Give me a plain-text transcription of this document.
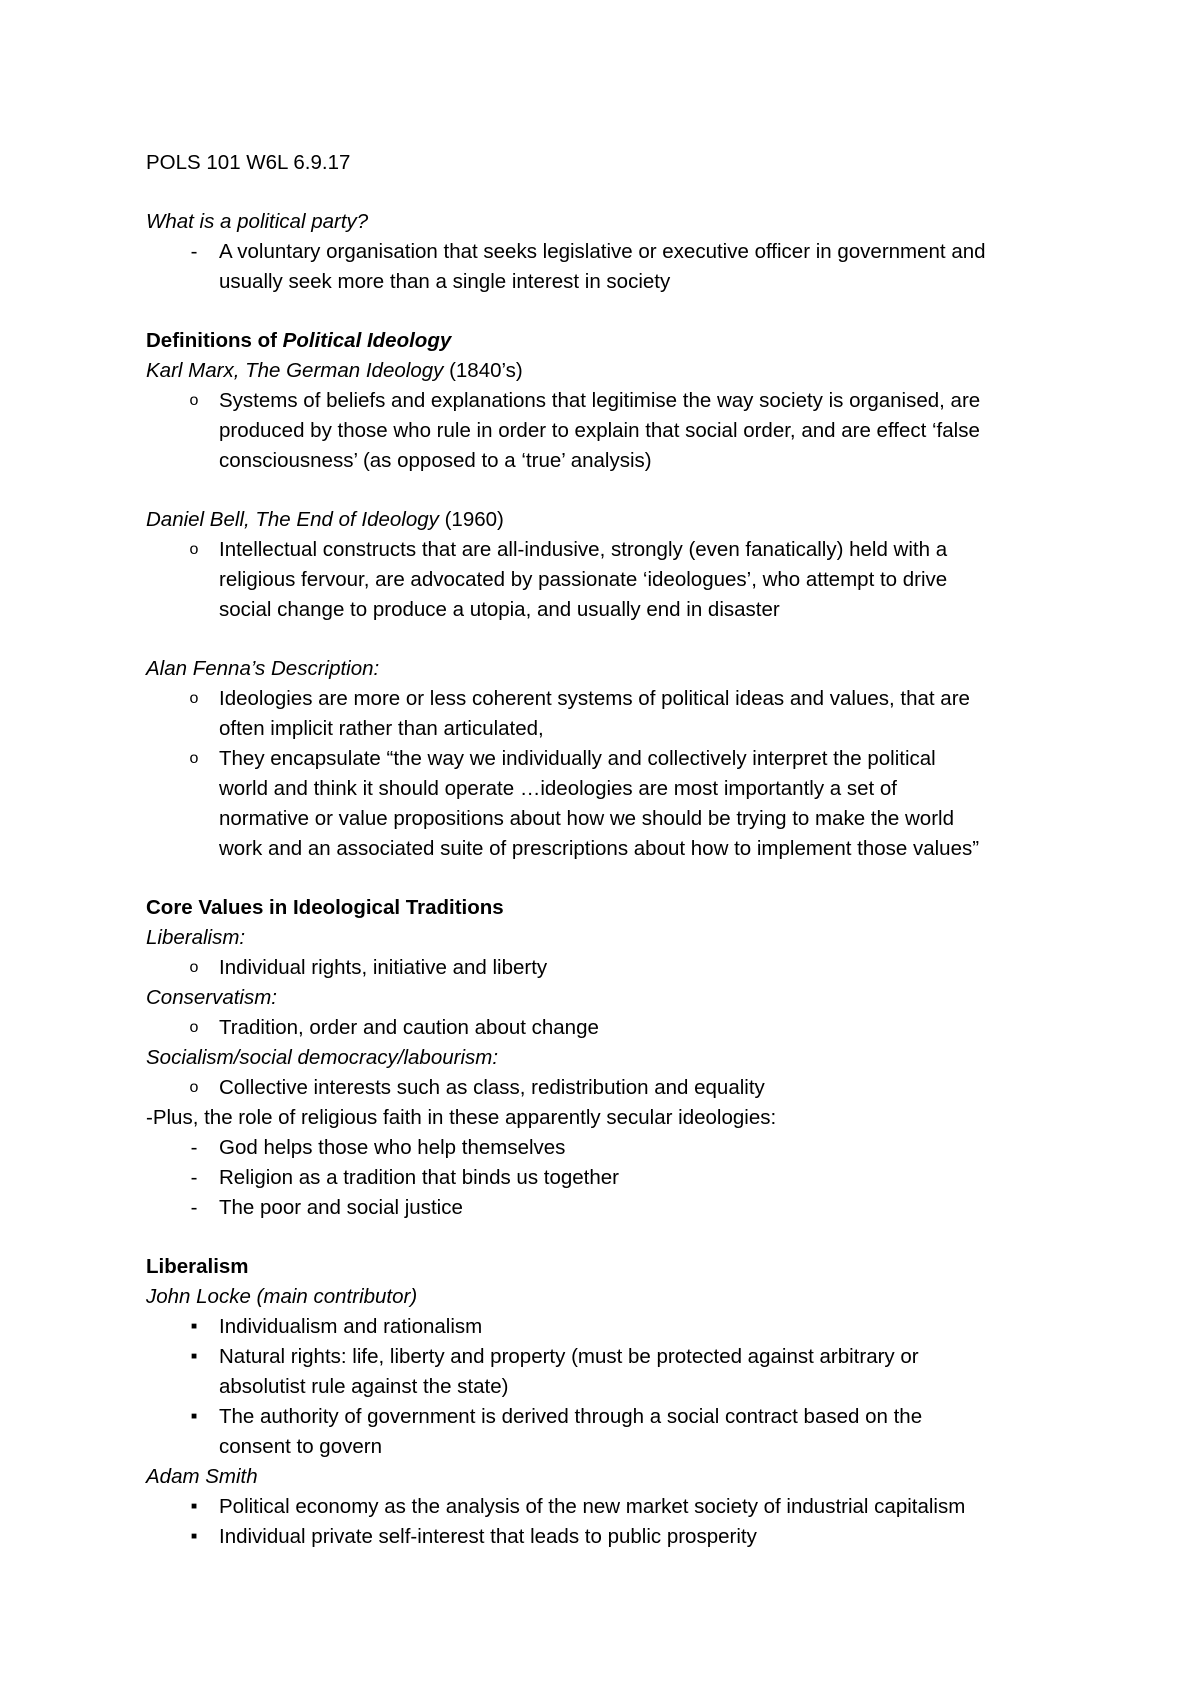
POLS 101 W6L 6.9.17
What is a political party?
-	A voluntary organisation that seeks legislative or executive officer in government and
usually seek more than a single interest in society
Definitions of Political Ideology
Karl Marx, The German Ideology (1840’s)
o	Systems of beliefs and explanations that legitimise the way society is organised, are
produced by those who rule in order to explain that social order, and are effect ‘false
consciousness’ (as opposed to a ‘true’ analysis)
Daniel Bell, The End of Ideology (1960)
o	Intellectual constructs that are all-indusive, strongly (even fanatically) held with a
religious fervour, are advocated by passionate ‘ideologues’, who attempt to drive
social change to produce a utopia, and usually end in disaster
Alan Fenna’s Description:
o	Ideologies are more or less coherent systems of political ideas and values, that are
often implicit rather than articulated,
o	They encapsulate “the way we individually and collectively interpret the political
world and think it should operate …ideologies are most importantly a set of
normative or value propositions about how we should be trying to make the world
work and an associated suite of prescriptions about how to implement those values”
Core Values in Ideological Traditions
Liberalism:
o	Individual rights, initiative and liberty
Conservatism:
o	Tradition, order and caution about change
Socialism/social democracy/labourism:
o	Collective interests such as class, redistribution and equality
-Plus, the role of religious faith in these apparently secular ideologies:
-	God helps those who help themselves
-	Religion as a tradition that binds us together
-	The poor and social justice
Liberalism
John Locke (main contributor)
■	Individualism and rationalism
■	Natural rights: life, liberty and property (must be protected against arbitrary or
absolutist rule against the state)
■	The authority of government is derived through a social contract based on the
consent to govern
Adam Smith
■	Political economy as the analysis of the new market society of industrial capitalism
■	Individual private self-interest that leads to public prosperity
